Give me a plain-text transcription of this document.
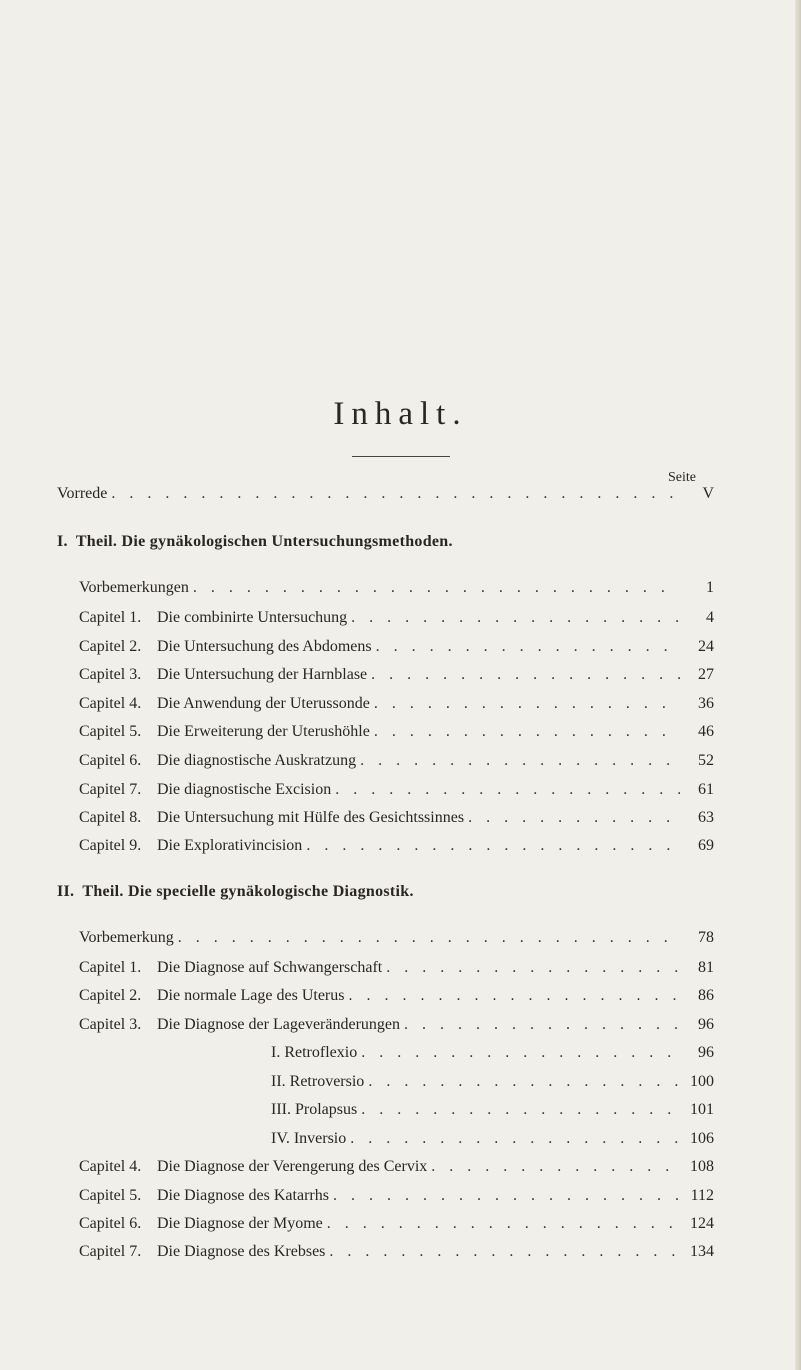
Inhalt.
Seite
Vorrede . . .	V
I. Theil. Die gynäkologischen Untersuchungsmethoden.
Vorbemerkungen . . .	1
Capitel 1. Die combinirte Untersuchung . . .	4
Capitel 2. Die Untersuchung des Abdomens . . .	24
Capitel 3. Die Untersuchung der Harnblase . . .	27
Capitel 4. Die Anwendung der Uterussonde . . .	36
Capitel 5. Die Erweiterung der Uterushöhle . . .	46
Capitel 6. Die diagnostische Auskratzung . . .	52
Capitel 7. Die diagnostische Excision . . .	61
Capitel 8. Die Untersuchung mit Hülfe des Gesichtssinnes . . .	63
Capitel 9. Die Explorativincision . . .	69
II. Theil. Die specielle gynäkologische Diagnostik.
Vorbemerkung . . .	78
Capitel 1. Die Diagnose auf Schwangerschaft . . .	81
Capitel 2. Die normale Lage des Uterus . . .	86
Capitel 3. Die Diagnose der Lageveränderungen . . .	96
I. Retroflexio . . .	96
II. Retroversio . . .	100
III. Prolapsus . . .	101
IV. Inversio . . .	106
Capitel 4. Die Diagnose der Verengerung des Cervix . . .	108
Capitel 5. Die Diagnose des Katarrhs . . .	112
Capitel 6. Die Diagnose der Myome . . .	124
Capitel 7. Die Diagnose des Krebses . . .	134
